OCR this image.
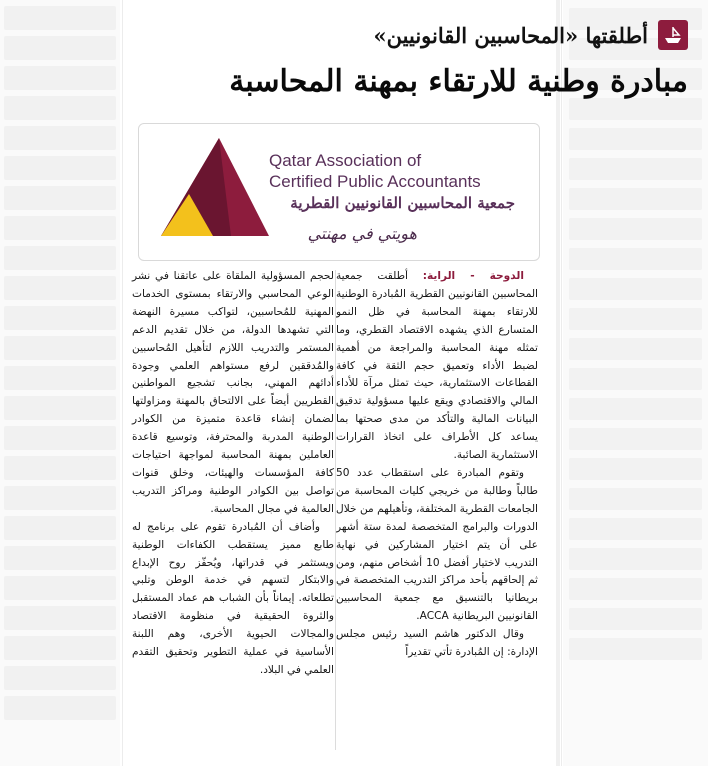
أطلقتها «المحاسبين القانونيين»
مبادرة وطنية للارتقاء بمهنة المحاسبة
Qatar Association of
Certified Public Accountants
جمعية المحاسبين القانونيين القطرية
هويتي في مهنتي

الدوحة - الراية: أطلقت جمعية المحاسبين القانونيين القطرية المُبادرة الوطنية للارتقاء بمهنة المحاسبة في ظل النمو المتسارع الذي يشهده الاقتصاد القطري، وما تمثله مهنة المحاسبة والمراجعة من أهمية لضبط الأداء وتعميق حجم الثقة في كافة القطاعات الاستثمارية، حيث تمثل مرآة للأداء المالي والاقتصادي ويقع عليها مسؤولية تدقيق البيانات المالية والتأكد من مدى صحتها بما يساعد كل الأطراف على اتخاذ القرارات الاستثمارية الصائبة.

وتقوم المبادرة على استقطاب عدد 50 طالباً وطالبة من خريجي كليات المحاسبة من الجامعات القطرية المختلفة، وتأهيلهم من خلال الدورات والبرامج المتخصصة لمدة ستة أشهر على أن يتم اختيار المشاركين في نهاية التدريب لاختيار أفضل 10 أشخاص منهم، ومن ثم إلحاقهم بأحد مراكز التدريب المتخصصة في بريطانيا بالتنسيق مع جمعية المحاسبين القانونيين البريطانية ACCA.

وقال الدكتور هاشم السيد رئيس مجلس الإدارة: إن المُبادرة تأتي تقديراً

لحجم المسؤولية الملقاة على عاتقنا في نشر الوعي المحاسبي والارتقاء بمستوى الخدمات المهنية للمُحاسبين، لتواكب مسيرة النهضة التي تشهدها الدولة، من خلال تقديم الدعم المستمر والتدريب اللازم لتأهيل المُحاسبين والمُدققين لرفع مستواهم العلمي وجودة أدائهم المهني، بجانب تشجيع المواطنين القطريين أيضاً على الالتحاق بالمهنة ومزاولتها لضمان إنشاء قاعدة متميزة من الكوادر الوطنية المدربة والمحترفة، وتوسيع قاعدة العاملين بمهنة المحاسبة لمواجهة احتياجات كافة المؤسسات والهيئات، وخلق قنوات تواصل بين الكوادر الوطنية ومراكز التدريب العالمية في مجال المحاسبة.

وأضاف أن المُبادرة تقوم على برنامج له طابع مميز يستقطب الكفاءات الوطنية ويستثمر في قدراتها، ويُحفّز روح الإبداع والابتكار لتسهم في خدمة الوطن وتلبي تطلعاته. إيماناً بأن الشباب هم عماد المستقبل والثروة الحقيقية في منظومة الاقتصاد والمجالات الحيوية الأخرى، وهم اللبنة الأساسية في عملية التطوير وتحقيق التقدم العلمي في البلاد.
